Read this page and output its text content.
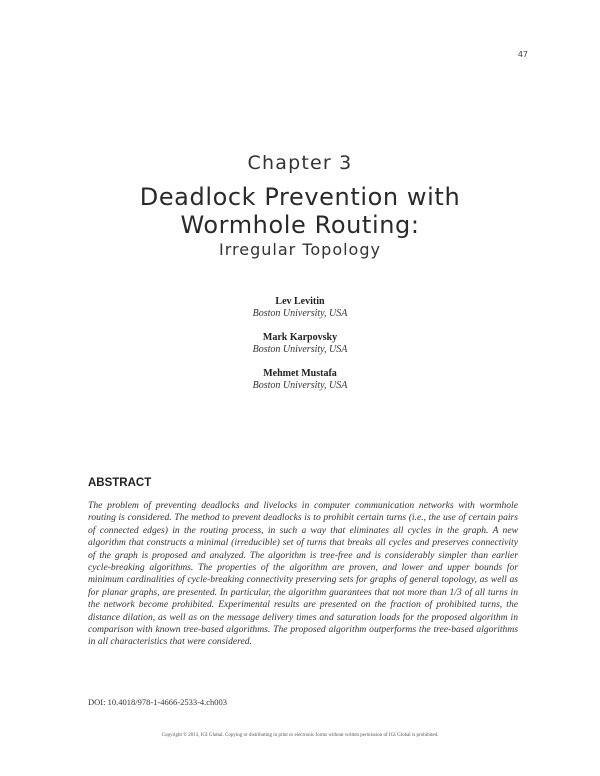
47
Chapter 3
Deadlock Prevention with
Wormhole Routing:
Irregular Topology
Lev Levitin
Boston University, USA
Mark Karpovsky
Boston University, USA
Mehmet Mustafa
Boston University, USA
ABSTRACT
The problem of preventing deadlocks and livelocks in computer communication networks with wormhole routing is considered. The method to prevent deadlocks is to prohibit certain turns (i.e., the use of certain pairs of connected edges) in the routing process, in such a way that eliminates all cycles in the graph. A new algorithm that constructs a minimal (irreducible) set of turns that breaks all cycles and preserves connectivity of the graph is proposed and analyzed. The algorithm is tree-free and is considerably simpler than earlier cycle-breaking algorithms. The properties of the algorithm are proven, and lower and upper bounds for minimum cardinalities of cycle-breaking connectivity preserving sets for graphs of general topology, as well as for planar graphs, are presented. In particular, the algorithm guarantees that not more than 1/3 of all turns in the network become prohibited. Experimental results are presented on the fraction of prohibited turns, the distance dilation, as well as on the message delivery times and saturation loads for the proposed algorithm in comparison with known tree-based algorithms. The proposed algorithm outperforms the tree-based algorithms in all characteristics that were considered.
DOI: 10.4018/978-1-4666-2533-4.ch003
Copyright © 2013, IGI Global. Copying or distributing in print or electronic forms without written permission of IGI Global is prohibited.
